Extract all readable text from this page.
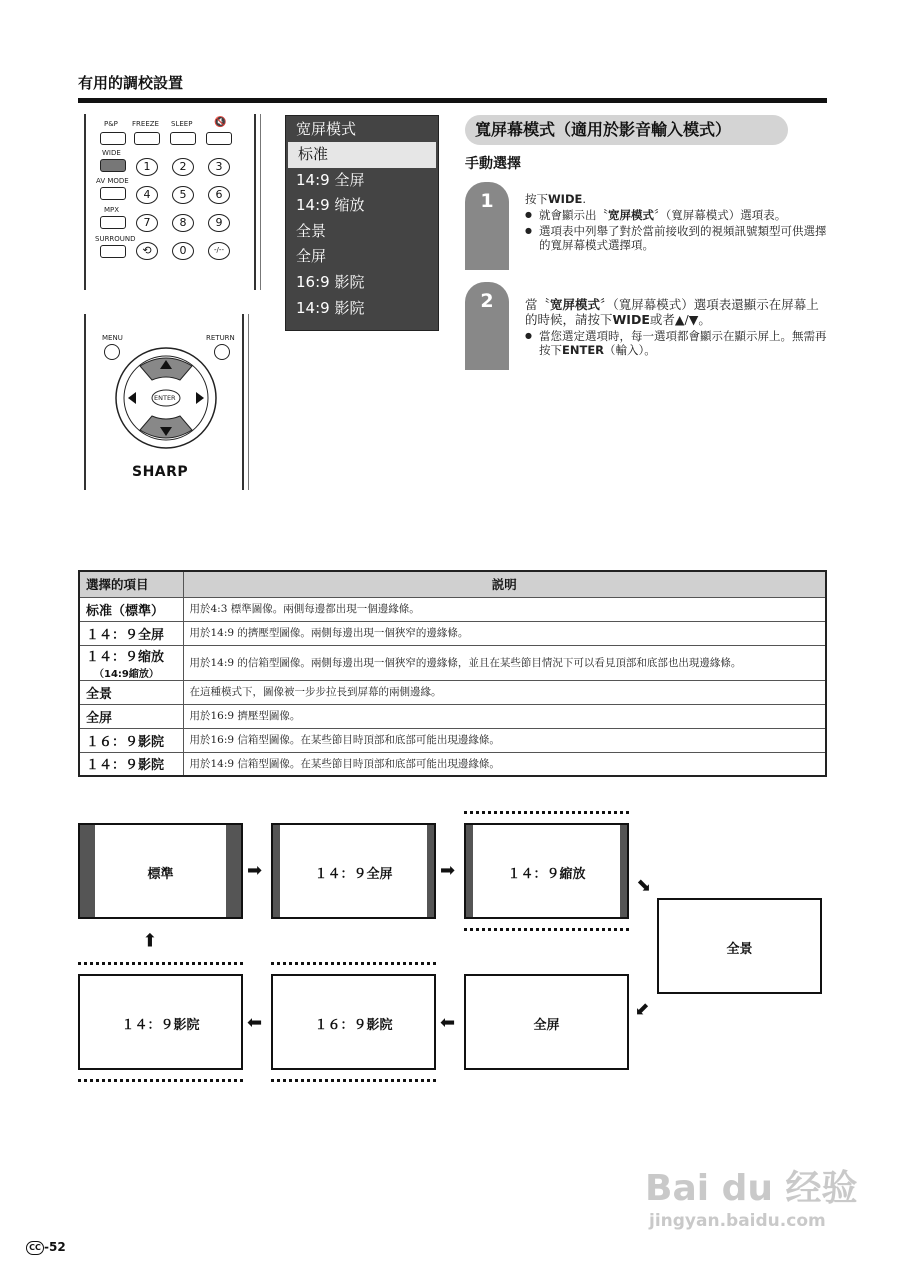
有用的調校設置
P&P FREEZE SLEEP 🔇
WIDE
AV MODE
MPX
SURROUND
1	2	3
4	5	6
7	8	9
⟲	0	-/--
MENU	RETURN
ENTER
SHARP
宽屏模式
标准
14:9 全屏
14:9 缩放
全景
全屏
16:9 影院
14:9 影院
寬屏幕模式（適用於影音輸入模式）
手動選擇
1	按下WIDE.
● 就會顯示出〝宽屏模式〞（寬屏幕模式）選項表。
● 選項表中列舉了對於當前接收到的視頻訊號類型可供選擇的寬屏幕模式選擇項。
2	當〝宽屏模式〞（寬屏幕模式）選項表還顯示在屏幕上的時候，請按下WIDE或者▲/▼。
● 當您選定選項時，每一選項都會顯示在顯示屏上。無需再按下ENTER（輸入）。
選擇的項目	説明
标准（標準）	用於4:3 標準圖像。兩側每邊都出現一個邊緣條。
１４：９全屏	用於14:9 的擠壓型圖像。兩側每邊出現一個狹窄的邊緣條。
１４：９缩放
（14:9縮放）	用於14:9 的信箱型圖像。兩側每邊出現一個狹窄的邊緣條，並且在某些節目情況下可以看見頂部和底部也出現邊緣條。
全景	在這種模式下，圖像被一步步拉長到屏幕的兩側邊緣。
全屏	用於16:9 擠壓型圖像。
１６：９影院	用於16:9 信箱型圖像。在某些節目時頂部和底部可能出現邊緣條。
１４：９影院	用於14:9 信箱型圖像。在某些節目時頂部和底部可能出現邊緣條。
標準	➡	１４：９全屏	➡	１４：９縮放	➡
全景
➡
全屏
➡
１６：９影院
➡
１４：９影院
➡
CC -52
Bai du 经验
jingyan.baidu.com
